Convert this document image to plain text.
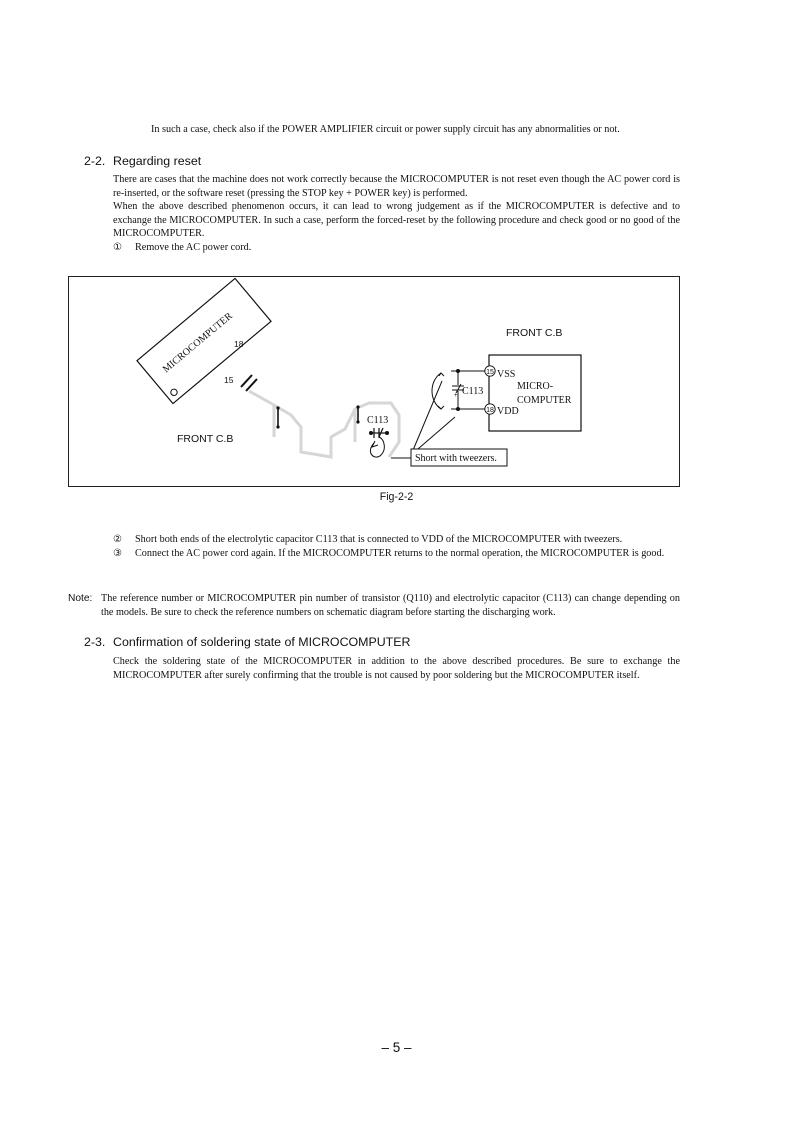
In such a case, check also if the POWER AMPLIFIER circuit or power supply circuit has any abnormalities or not.
2-2. Regarding reset

There are cases that the machine does not work correctly because the MICROCOMPUTER is not reset even though the AC power cord is re-inserted, or the software reset (pressing the STOP key + POWER key) is performed.

When the above described phenomenon occurs, it can lead to wrong judgement as if the MICROCOMPUTER is defective and to exchange the MICROCOMPUTER. In such a case, perform the forced-reset by the following procedure and check good or no good of the MICROCOMPUTER.

①	Remove the AC power cord.
MICROCOMPUTER 18
15
C113
FRONT C.B
FRONT C.B
MICRO-
COMPUTER
15 VSS
18 VDD
+ C113
Short with tweezers.
Fig-2-2
②	Short both ends of the electrolytic capacitor C113 that is connected to VDD of the MICROCOMPUTER with tweezers.
③	Connect the AC power cord again. If the MICROCOMPUTER returns to the normal operation, the MICROCOMPUTER is good.
Note: The reference number or MICROCOMPUTER pin number of transistor (Q110) and electrolytic capacitor (C113) can change depending on the models. Be sure to check the reference numbers on schematic diagram before starting the discharging work.
2-3. Confirmation of soldering state of MICROCOMPUTER

Check the soldering state of the MICROCOMPUTER in addition to the above described procedures. Be sure to exchange the MICROCOMPUTER after surely confirming that the trouble is not caused by poor soldering but the MICROCOMPUTER itself.

– 5 –
